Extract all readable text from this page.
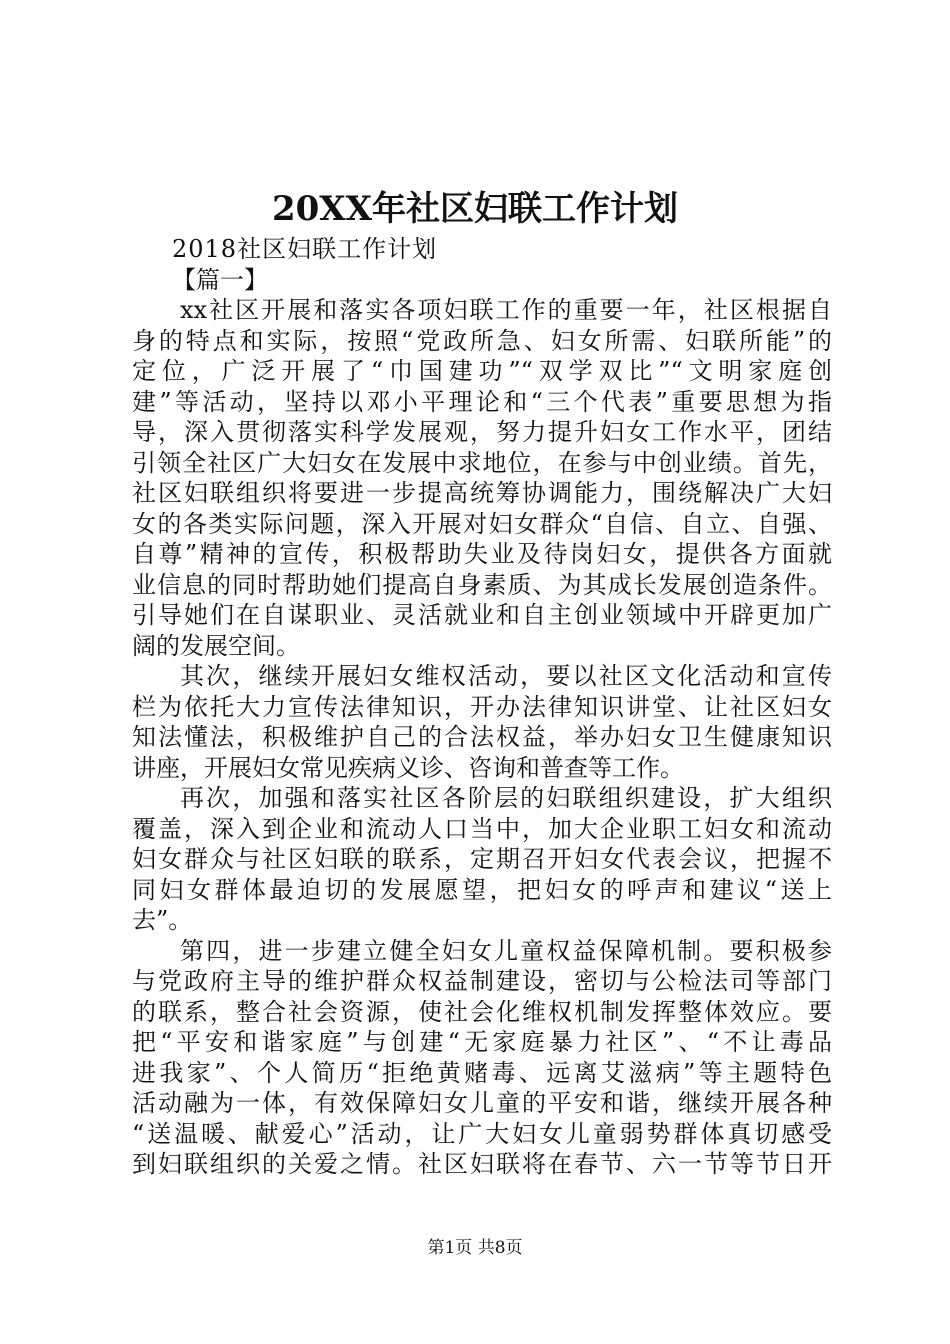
20XX年社区妇联工作计划
2018社区妇联工作计划
【篇一】
xx社区开展和落实各项妇联工作的重要一年，社区根据自
身的特点和实际，按照“党政所急、妇女所需、妇联所能”的
定位，广泛开展了“巾国建功”“双学双比”“文明家庭创
建”等活动，坚持以邓小平理论和“三个代表”重要思想为指
导，深入贯彻落实科学发展观，努力提升妇女工作水平，团结
引领全社区广大妇女在发展中求地位，在参与中创业绩。首先，
社区妇联组织将要进一步提高统筹协调能力，围绕解决广大妇
女的各类实际问题，深入开展对妇女群众“自信、自立、自强、
自尊”精神的宣传，积极帮助失业及待岗妇女，提供各方面就
业信息的同时帮助她们提高自身素质、为其成长发展创造条件。
引导她们在自谋职业、灵活就业和自主创业领域中开辟更加广
阔的发展空间。
其次，继续开展妇女维权活动，要以社区文化活动和宣传
栏为依托大力宣传法律知识，开办法律知识讲堂、让社区妇女
知法懂法，积极维护自己的合法权益，举办妇女卫生健康知识
讲座，开展妇女常见疾病义诊、咨询和普查等工作。
再次，加强和落实社区各阶层的妇联组织建设，扩大组织
覆盖，深入到企业和流动人口当中，加大企业职工妇女和流动
妇女群众与社区妇联的联系，定期召开妇女代表会议，把握不
同妇女群体最迫切的发展愿望，把妇女的呼声和建议“送上
去”。
第四，进一步建立健全妇女儿童权益保障机制。要积极参
与党政府主导的维护群众权益制建设，密切与公检法司等部门
的联系，整合社会资源，使社会化维权机制发挥整体效应。要
把“平安和谐家庭”与创建“无家庭暴力社区”、“不让毒品
进我家”、个人简历“拒绝黄赌毒、远离艾滋病”等主题特色
活动融为一体，有效保障妇女儿童的平安和谐，继续开展各种
“送温暖、献爱心”活动，让广大妇女儿童弱势群体真切感受
到妇联组织的关爱之情。社区妇联将在春节、六一节等节日开
第1页 共8页
